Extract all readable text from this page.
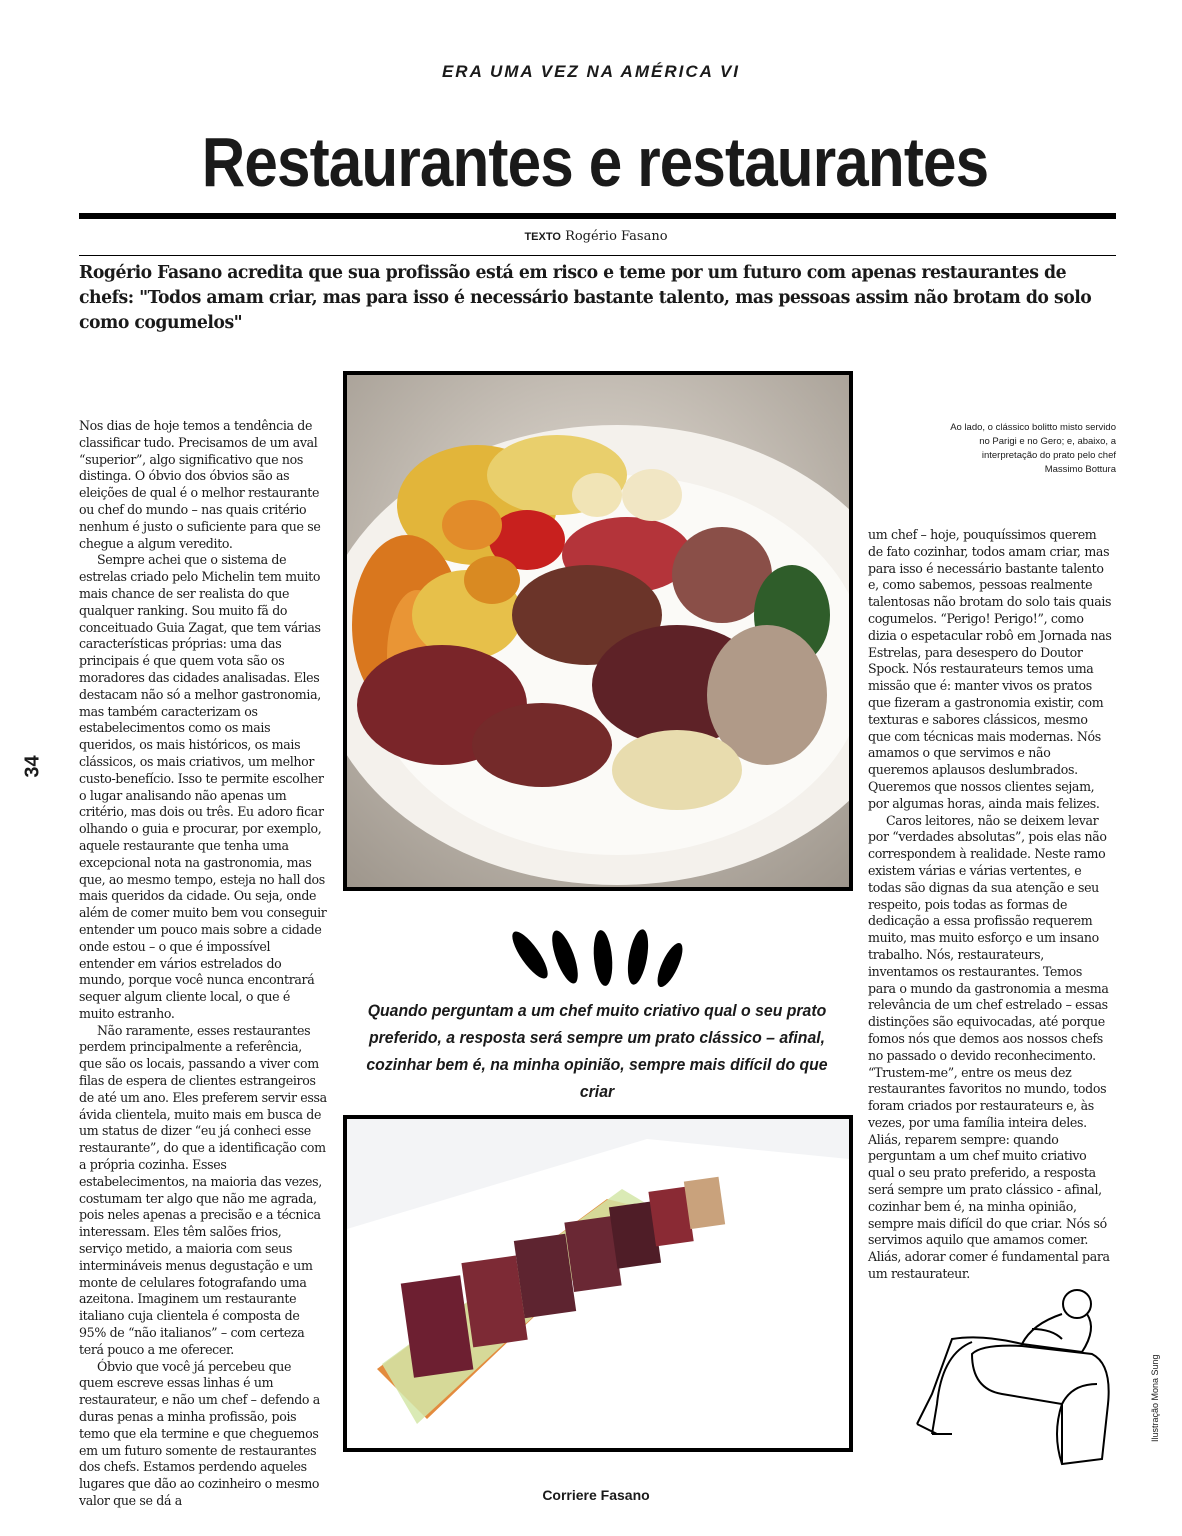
ERA UMA VEZ NA AMÉRICA VI
Restaurantes e restaurantes
TEXTO Rogério Fasano
Rogério Fasano acredita que sua profissão está em risco e teme por um futuro com apenas restaurantes de chefs: "Todos amam criar, mas para isso é necessário bastante talento, mas pessoas assim não brotam do solo como cogumelos"

Nos dias de hoje temos a tendência de classificar tudo. Precisamos de um aval “superior”, algo significativo que nos distinga. O óbvio dos óbvios são as eleições de qual é o melhor restaurante ou chef do mundo – nas quais critério nenhum é justo o suficiente para que se chegue a algum veredito.

Sempre achei que o sistema de estrelas criado pelo Michelin tem muito mais chance de ser realista do que qualquer ranking. Sou muito fã do conceituado Guia Zagat, que tem várias características próprias: uma das principais é que quem vota são os moradores das cidades analisadas. Eles destacam não só a melhor gastronomia, mas também caracterizam os estabelecimentos como os mais queridos, os mais históricos, os mais clássicos, os mais criativos, um melhor custo-benefício. Isso te permite escolher o lugar analisando não apenas um critério, mas dois ou três. Eu adoro ficar olhando o guia e procurar, por exemplo, aquele restaurante que tenha uma excepcional nota na gastronomia, mas que, ao mesmo tempo, esteja no hall dos mais queridos da cidade. Ou seja, onde além de comer muito bem vou conseguir entender um pouco mais sobre a cidade onde estou – o que é impossível entender em vários estrelados do mundo, porque você nunca encontrará sequer algum cliente local, o que é muito estranho.

Não raramente, esses restaurantes perdem principalmente a referência, que são os locais, passando a viver com filas de espera de clientes estrangeiros de até um ano. Eles preferem servir essa ávida clientela, muito mais em busca de um status de dizer “eu já conheci esse restaurante”, do que a identificação com a própria cozinha. Esses estabelecimentos, na maioria das vezes, costumam ter algo que não me agrada, pois neles apenas a precisão e a técnica interessam. Eles têm salões frios, serviço metido, a maioria com seus intermináveis menus degustação e um monte de celulares fotografando uma azeitona. Imaginem um restaurante italiano cuja clientela é composta de 95% de “não italianos” – com certeza terá pouco a me oferecer.

Óbvio que você já percebeu que quem escreve essas linhas é um restaurateur, e não um chef – defendo a duras penas a minha profissão, pois temo que ela termine e que cheguemos em um futuro somente de restaurantes dos chefs. Estamos perdendo aqueles lugares que dão ao cozinheiro o mesmo valor que se dá a

34
Ao lado, o clássico bolitto misto servido no Parigi e no Gero; e, abaixo, a interpretação do prato pelo chef Massimo Bottura
Quando perguntam a um chef muito criativo qual o seu prato preferido, a resposta será sempre um prato clássico – afinal, cozinhar bem é, na minha opinião, sempre mais difícil do que criar

um chef – hoje, pouquíssimos querem de fato cozinhar, todos amam criar, mas para isso é necessário bastante talento e, como sabemos, pessoas realmente talentosas não brotam do solo tais quais cogumelos. “Perigo! Perigo!”, como dizia o espetacular robô em Jornada nas Estrelas, para desespero do Doutor Spock. Nós restaurateurs temos uma missão que é: manter vivos os pratos que fizeram a gastronomia existir, com texturas e sabores clássicos, mesmo que com técnicas mais modernas. Nós amamos o que servimos e não queremos aplausos deslumbrados. Queremos que nossos clientes sejam, por algumas horas, ainda mais felizes.

Caros leitores, não se deixem levar por “verdades absolutas”, pois elas não correspondem à realidade. Neste ramo existem várias e várias vertentes, e todas são dignas da sua atenção e seu respeito, pois todas as formas de dedicação a essa profissão requerem muito, mas muito esforço e um insano trabalho. Nós, restaurateurs, inventamos os restaurantes. Temos para o mundo da gastronomia a mesma relevância de um chef estrelado – essas distinções são equivocadas, até porque fomos nós que demos aos nossos chefs no passado o devido reconhecimento. “Trustem-me”, entre os meus dez restaurantes favoritos no mundo, todos foram criados por restaurateurs e, às vezes, por uma família inteira deles. Aliás, reparem sempre: quando perguntam a um chef muito criativo qual o seu prato preferido, a resposta será sempre um prato clássico - afinal, cozinhar bem é, na minha opinião, sempre mais difícil do que criar. Nós só servimos aquilo que amamos comer. Aliás, adorar comer é fundamental para um restaurateur.

Ilustração Mona Sung
Corriere Fasano
